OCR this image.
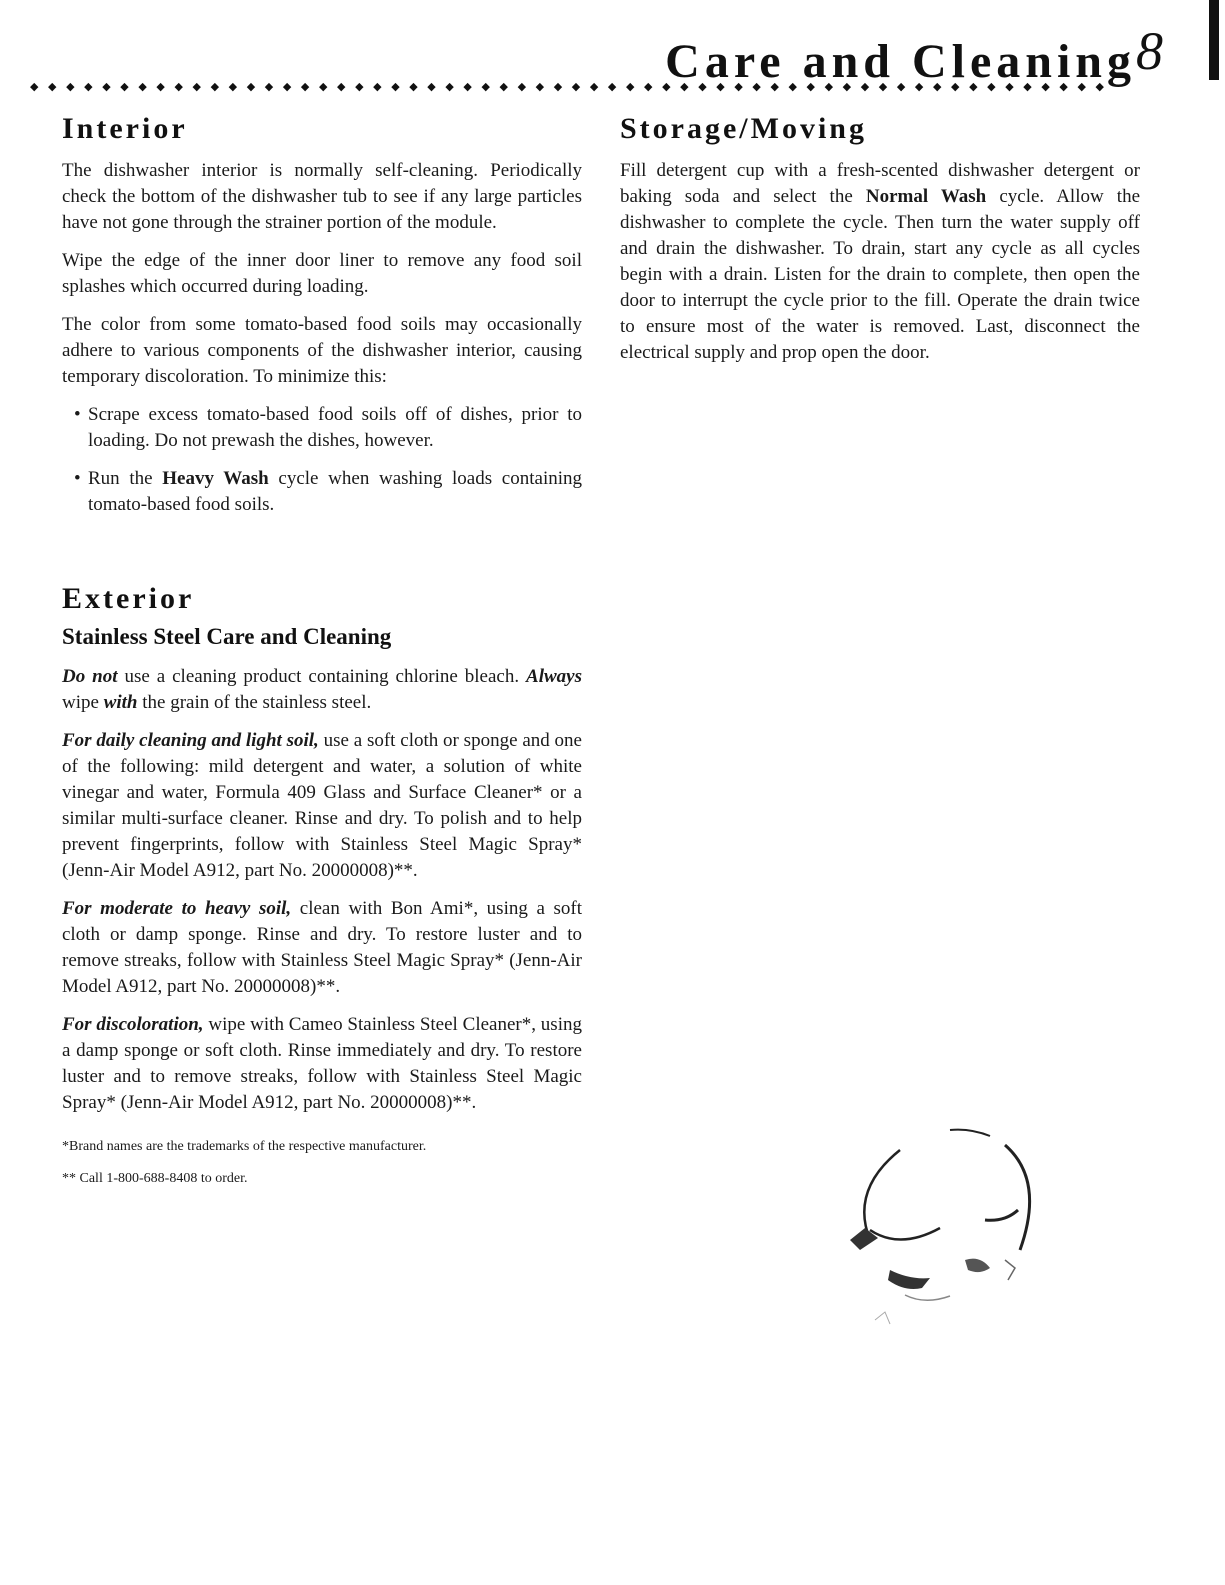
Care and Cleaning8
◆◆◆◆◆◆◆◆◆◆◆◆◆◆◆◆◆◆◆◆◆◆◆◆◆◆◆◆◆◆◆◆◆◆◆◆◆◆◆◆◆◆◆◆◆◆◆◆◆◆◆◆◆◆◆◆◆◆◆◆
Interior

The dishwasher interior is normally self-cleaning. Periodically check the bottom of the dishwasher tub to see if any large particles have not gone through the strainer portion of the module.

Wipe the edge of the inner door liner to remove any food soil splashes which occurred during loading.

The color from some tomato-based food soils may occasionally adhere to various components of the dishwasher interior, causing temporary discoloration. To minimize this:

• Scrape excess tomato-based food soils off of dishes, prior to loading. Do not prewash the dishes, however.
• Run the Heavy Wash cycle when washing loads containing tomato-based food soils.
Exterior
Stainless Steel Care and Cleaning

Do not use a cleaning product containing chlorine bleach. Always wipe with the grain of the stainless steel.

For daily cleaning and light soil, use a soft cloth or sponge and one of the following: mild detergent and water, a solution of white vinegar and water, Formula 409 Glass and Surface Cleaner* or a similar multi-surface cleaner. Rinse and dry. To polish and to help prevent fingerprints, follow with Stainless Steel Magic Spray* (Jenn-Air Model A912, part No. 20000008)**.

For moderate to heavy soil, clean with Bon Ami*, using a soft cloth or damp sponge. Rinse and dry. To restore luster and to remove streaks, follow with Stainless Steel Magic Spray* (Jenn-Air Model A912, part No. 20000008)**.

For discoloration, wipe with Cameo Stainless Steel Cleaner*, using a damp sponge or soft cloth. Rinse immediately and dry. To restore luster and to remove streaks, follow with Stainless Steel Magic Spray* (Jenn-Air Model A912, part No. 20000008)**.

*Brand names are the trademarks of the respective manufacturer.

** Call 1-800-688-8408 to order.

Storage/Moving

Fill detergent cup with a fresh-scented dishwasher detergent or baking soda and select the Normal Wash cycle. Allow the dishwasher to complete the cycle. Then turn the water supply off and drain the dishwasher. To drain, start any cycle as all cycles begin with a drain. Listen for the drain to complete, then open the door to interrupt the cycle prior to the fill. Operate the drain twice to ensure most of the water is removed. Last, disconnect the electrical supply and prop open the door.
